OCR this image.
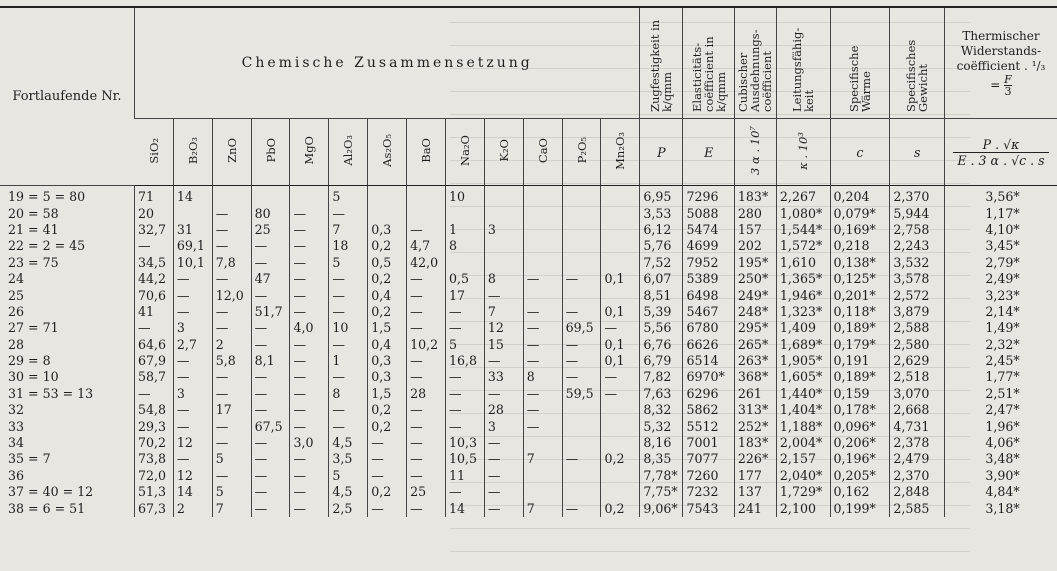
Fortlaufende Nr.	Chemische Zusammensetzung													Zugfestigkeit in k/qmm	Elasticitäts-coëfficient in k/qmm	Cubischer Ausdehnungs-coëfficient	Leitungsfähig-keit	Specifische Wärme	Specifisches Gewicht	Thermischer Widerstands-coëfficient . ¹/₃
= $\frac{F}{3}$

	SiO₂	B₂O₃	ZnO	PbO	MgO	Al₂O₃	As₂O₅	BaO	Na₂O	K₂O	CaO	P₂O₅	Mn₂O₃	P	E	3 α . 10⁷	κ . 10³	c	s	$\frac{P . √\kappa}{E . 3 \alpha . √c . s}$

19 = 5 = 80	71	14				5			10					6,95	7296	183*	2,267	0,204	2,370	3,56*
20 = 58	20		—	80	—	—								3,53	5088	280	1,080*	0,079*	5,944	1,17*
21 = 41	32,7	31	—	25	—	7	0,3	—	1	3				6,12	5474	157	1,544*	0,169*	2,758	4,10*
22 = 2 = 45	—	69,1	—	—	—	18	0,2	4,7	8					5,76	4699	202	1,572*	0,218	2,243	3,45*
23 = 75	34,5	10,1	7,8	—	—	5	0,5	42,0						7,52	7952	195*	1,610	0,138*	3,532	2,79*
24	44,2	—	—	47	—	—	0,2	—	0,5	8	—	—	0,1	6,07	5389	250*	1,365*	0,125*	3,578	2,49*
25	70,6	—	12,0	—	—	—	0,4	—	17	—				8,51	6498	249*	1,946*	0,201*	2,572	3,23*
26	41	—	—	51,7	—	—	0,2	—	—	7	—	—	0,1	5,39	5467	248*	1,323*	0,118*	3,879	2,14*
27 = 71	—	3	—	—	4,0	10	1,5	—	—	12	—	69,5	—	5,56	6780	295*	1,409	0,189*	2,588	1,49*
28	64,6	2,7	2	—	—	—	0,4	10,2	5	15	—	—	0,1	6,76	6626	265*	1,689*	0,179*	2,580	2,32*
29 = 8	67,9	—	5,8	8,1	—	1	0,3	—	16,8	—	—	—	0,1	6,79	6514	263*	1,905*	0,191	2,629	2,45*
30 = 10	58,7	—	—	—	—	—	0,3	—	—	33	8	—	—	7,82	6970*	368*	1,605*	0,189*	2,518	1,77*
31 = 53 = 13	—	3	—	—	—	8	1,5	28	—	—	—	59,5	—	7,63	6296	261	1,440*	0,159	3,070	2,51*
32	54,8	—	17	—	—	—	0,2	—	—	28	—			8,32	5862	313*	1,404*	0,178*	2,668	2,47*
33	29,3	—	—	67,5	—	—	0,2	—	—	3	—			5,32	5512	252*	1,188*	0,096*	4,731	1,96*
34	70,2	12	—	—	3,0	4,5	—	—	10,3	—				8,16	7001	183*	2,004*	0,206*	2,378	4,06*
35 = 7	73,8	—	5	—	—	3,5	—	—	10,5	—	7	—	0,2	8,35	7077	226*	2,157	0,196*	2,479	3,48*
36	72,0	12	—	—	—	5	—	—	11	—				7,78*	7260	177	2,040*	0,205*	2,370	3,90*
37 = 40 = 12	51,3	14	5	—	—	4,5	0,2	25	—	—				7,75*	7232	137	1,729*	0,162	2,848	4,84*
38 = 6 = 51	67,3	2	7	—	—	2,5	—	—	14	—	7	—	0,2	9,06*	7543	241	2,100	0,199*	2,585	3,18*
